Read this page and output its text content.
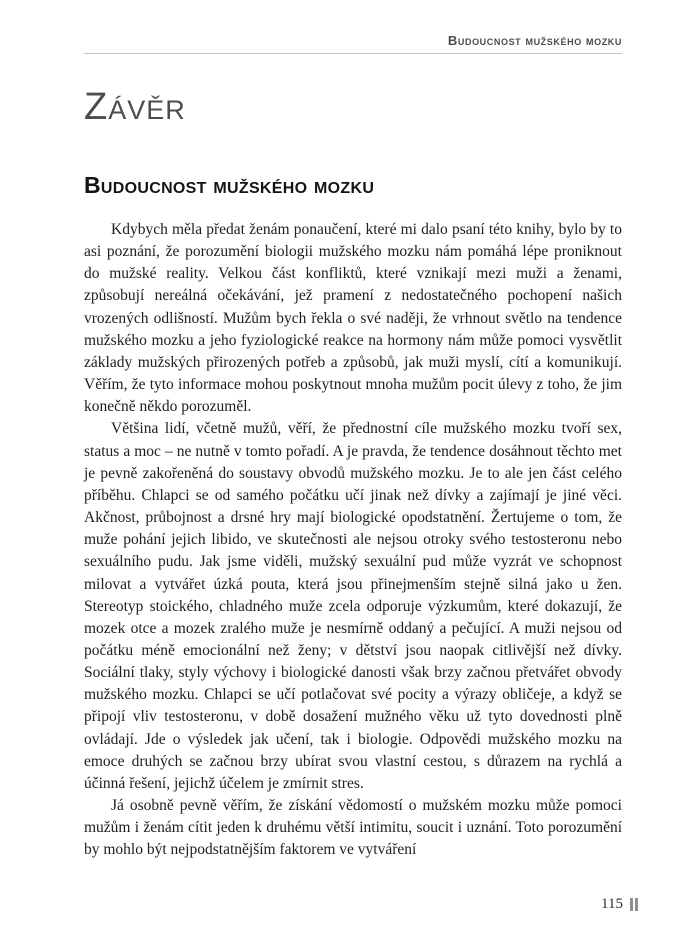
Budoucnost mužského mozku
Závěr
Budoucnost mužského mozku

Kdybych měla předat ženám ponaučení, které mi dalo psaní této knihy, bylo by to asi poznání, že porozumění biologii mužského mozku nám pomáhá lépe proniknout do mužské reality. Velkou část konfliktů, které vznikají mezi muži a ženami, způsobují nereálná očekávání, jež pramení z nedostatečného pochopení našich vrozených odlišností. Mužům bych řekla o své naději, že vrhnout světlo na tendence mužského mozku a jeho fyziologické reakce na hormony nám může pomoci vysvětlit základy mužských přirozených potřeb a způsobů, jak muži myslí, cítí a komunikují. Věřím, že tyto informace mohou poskytnout mnoha mužům pocit úlevy z toho, že jim konečně někdo porozuměl.

Většina lidí, včetně mužů, věří, že přednostní cíle mužského mozku tvoří sex, status a moc – ne nutně v tomto pořadí. A je pravda, že tendence dosáhnout těchto met je pevně zakořeněná do soustavy obvodů mužského mozku. Je to ale jen část celého příběhu. Chlapci se od samého počátku učí jinak než dívky a zajímají je jiné věci. Akčnost, průbojnost a drsné hry mají biologické opodstatnění. Žertujeme o tom, že muže pohání jejich libido, ve skutečnosti ale nejsou otroky svého testosteronu nebo sexuálního pudu. Jak jsme viděli, mužský sexuální pud může vyzrát ve schopnost milovat a vytvářet úzká pouta, která jsou přinejmenším stejně silná jako u žen. Stereotyp stoického, chladného muže zcela odporuje výzkumům, které dokazují, že mozek otce a mozek zralého muže je nesmírně oddaný a pečující. A muži nejsou od počátku méně emocionální než ženy; v dětství jsou naopak citlivější než dívky. Sociální tlaky, styly výchovy i biologické danosti však brzy začnou přetvářet obvody mužského mozku. Chlapci se učí potlačovat své pocity a výrazy obličeje, a když se připojí vliv testosteronu, v době dosažení mužného věku už tyto dovednosti plně ovládají. Jde o výsledek jak učení, tak i biologie. Odpovědi mužského mozku na emoce druhých se začnou brzy ubírat svou vlastní cestou, s důrazem na rychlá a účinná řešení, jejichž účelem je zmírnit stres.

Já osobně pevně věřím, že získání vědomostí o mužském mozku může pomoci mužům i ženám cítit jeden k druhému větší intimitu, soucit i uznání. Toto porozumění by mohlo být nejpodstatnějším faktorem ve vytváření

115
